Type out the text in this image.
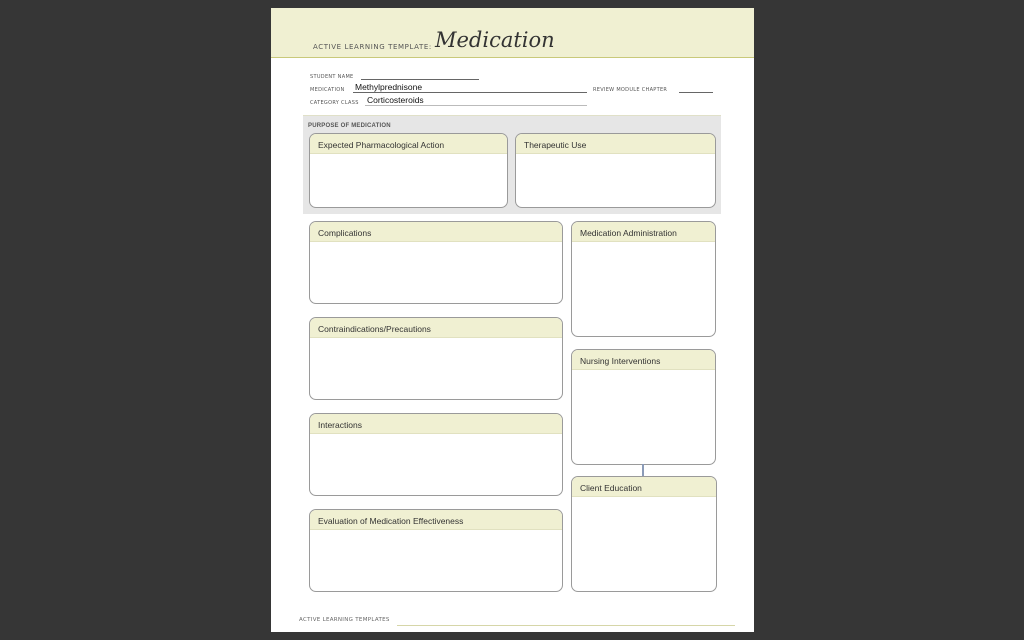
ACTIVE LEARNING TEMPLATE: Medication
STUDENT NAME
MEDICATION Methylprednisone	REVIEW MODULE CHAPTER
CATEGORY CLASS Corticosteroids
PURPOSE OF MEDICATION
Expected Pharmacological Action	Therapeutic Use
Complications
Contraindications/Precautions
Interactions
Evaluation of Medication Effectiveness
Medication Administration
Nursing Interventions
Client Education
ACTIVE LEARNING TEMPLATES
